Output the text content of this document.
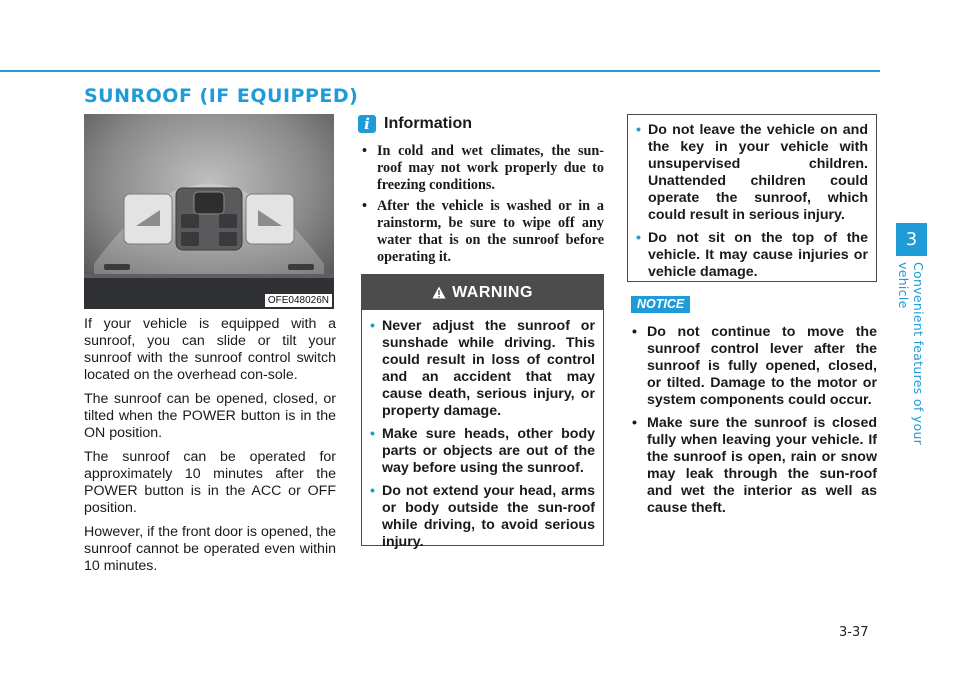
SUNROOF (IF EQUIPPED)
OFE048026N

If your vehicle is equipped with a sunroof, you can slide or tilt your sunroof with the sunroof control switch located on the overhead con-sole.

The sunroof can be opened, closed, or tilted when the POWER button is in the ON position.

The sunroof can be operated for approximately 10 minutes after the POWER button is in the ACC or OFF position.

However, if the front door is opened, the sunroof cannot be operated even within 10 minutes.

i Information
• In cold and wet climates, the sun-roof may not work properly due to freezing conditions.
• After the vehicle is washed or in a rainstorm, be sure to wipe off any water that is on the sunroof before operating it.
WARNING
• Never adjust the sunroof or sunshade while driving. This could result in loss of control and an accident that may cause death, serious injury, or property damage.
• Make sure heads, other body parts or objects are out of the way before using the sunroof.
• Do not extend your head, arms or body outside the sun-roof while driving, to avoid serious injury.
• Do not leave the vehicle on and the key in your vehicle with unsupervised children. Unattended children could operate the sunroof, which could result in serious injury.
• Do not sit on the top of the vehicle. It may cause injuries or vehicle damage.
NOTICE
• Do not continue to move the sunroof control lever after the sunroof is fully opened, closed, or tilted. Damage to the motor or system components could occur.
• Make sure the sunroof is closed fully when leaving your vehicle. If the sunroof is open, rain or snow may leak through the sun-roof and wet the interior as well as cause theft.
3
Convenient features of your vehicle
3-37
